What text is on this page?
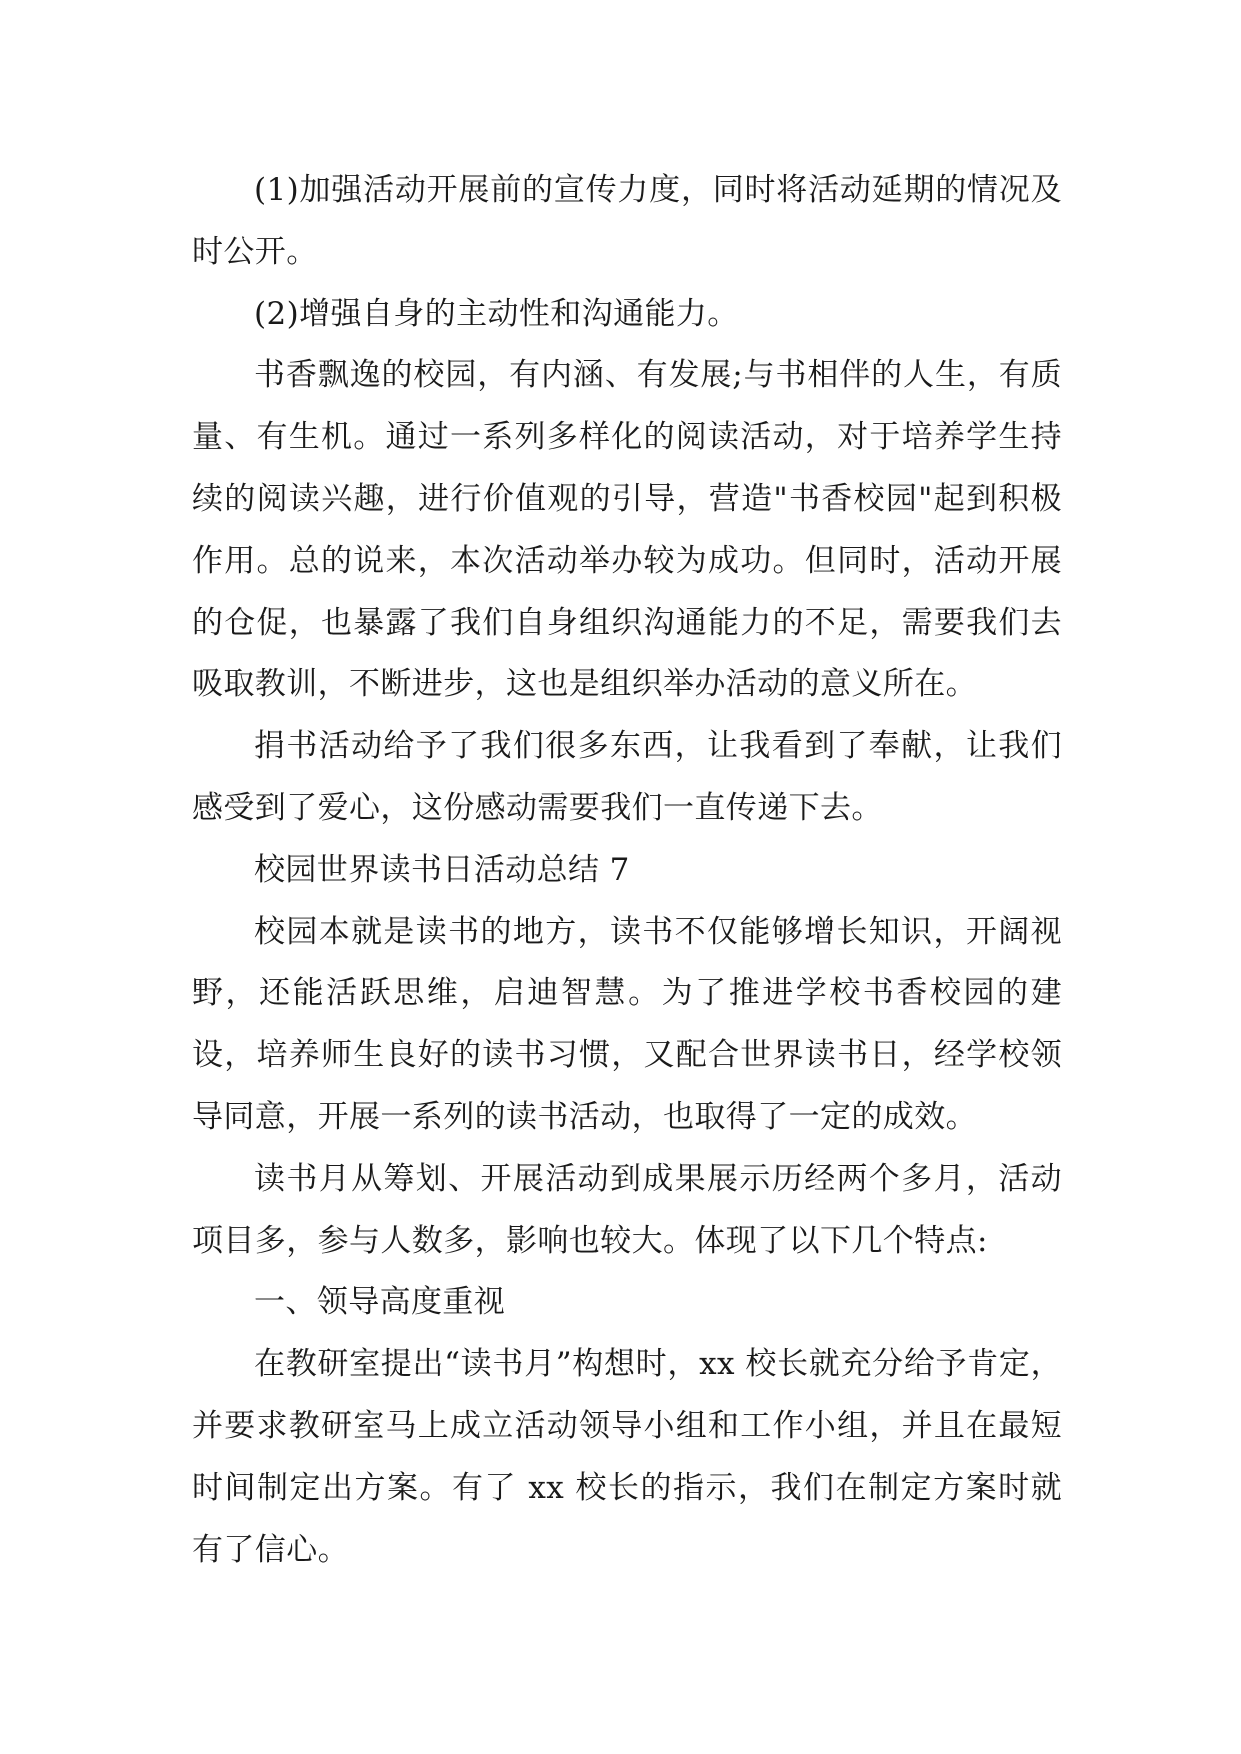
(1)加强活动开展前的宣传力度，同时将活动延期的情况及时公开。

(2)增强自身的主动性和沟通能力。

书香飘逸的校园，有内涵、有发展;与书相伴的人生，有质量、有生机。通过一系列多样化的阅读活动，对于培养学生持续的阅读兴趣，进行价值观的引导，营造"书香校园"起到积极作用。总的说来，本次活动举办较为成功。但同时，活动开展的仓促，也暴露了我们自身组织沟通能力的不足，需要我们去吸取教训，不断进步，这也是组织举办活动的意义所在。

捐书活动给予了我们很多东西，让我看到了奉献，让我们感受到了爱心，这份感动需要我们一直传递下去。

校园世界读书日活动总结 7

校园本就是读书的地方，读书不仅能够增长知识，开阔视野，还能活跃思维，启迪智慧。为了推进学校书香校园的建设，培养师生良好的读书习惯，又配合世界读书日，经学校领导同意，开展一系列的读书活动，也取得了一定的成效。

读书月从筹划、开展活动到成果展示历经两个多月，活动项目多，参与人数多，影响也较大。体现了以下几个特点:

一、领导高度重视

在教研室提出“读书月”构想时，xx 校长就充分给予肯定，并要求教研室马上成立活动领导小组和工作小组，并且在最短时间制定出方案。有了 xx 校长的指示，我们在制定方案时就有了信心。
